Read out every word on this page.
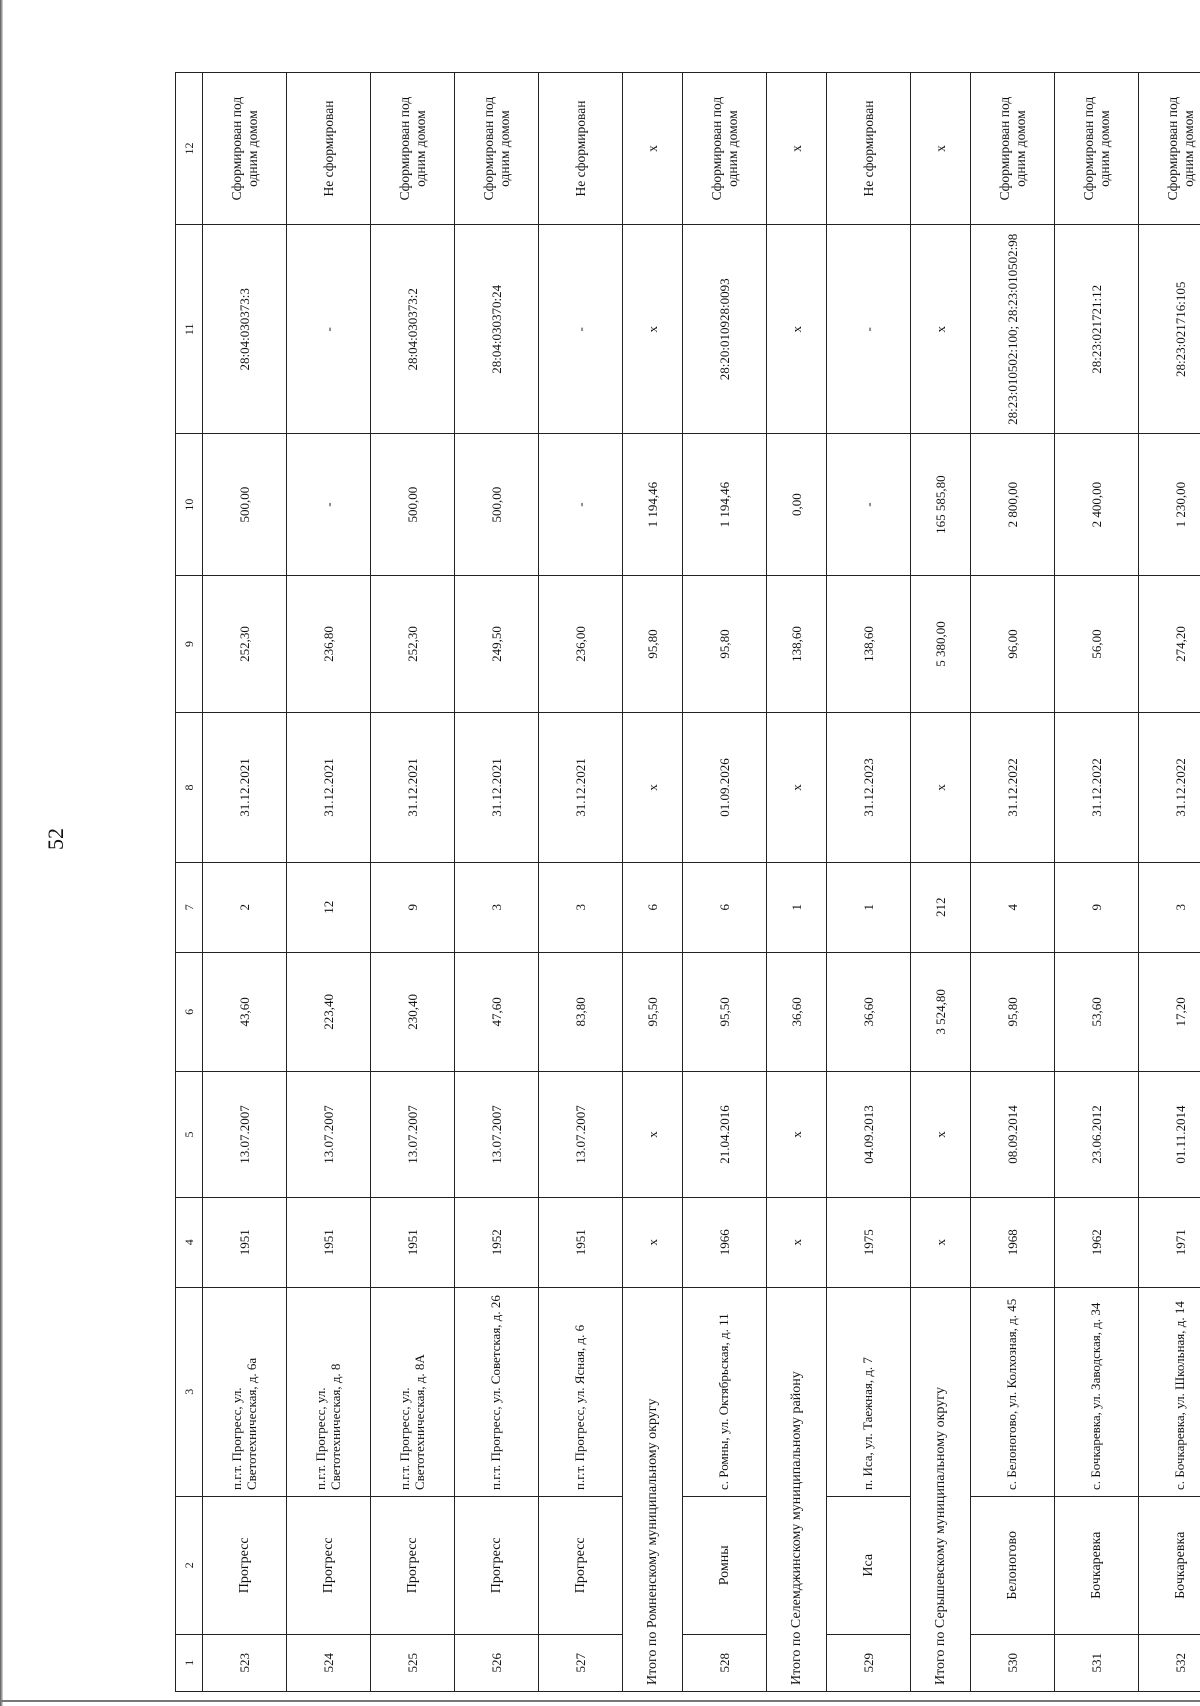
52
1	2	3	4	5	6	7	8	9	10	11	12
523	Прогресс	п.г.т. Прогресс, ул. Светотехническая, д. 6а	1951	13.07.2007	43,60	2	31.12.2021	252,30	500,00	28:04:030373:3	Сформирован под одним домом
524	Прогресс	п.г.т. Прогресс, ул. Светотехническая, д. 8	1951	13.07.2007	223,40	12	31.12.2021	236,80	-	-	Не сформирован
525	Прогресс	п.г.т. Прогресс, ул. Светотехническая, д. 8А	1951	13.07.2007	230,40	9	31.12.2021	252,30	500,00	28:04:030373:2	Сформирован под одним домом
526	Прогресс	п.г.т. Прогресс, ул. Советская, д. 26	1952	13.07.2007	47,60	3	31.12.2021	249,50	500,00	28:04:030370:24	Сформирован под одним домом
527	Прогресс	п.г.т. Прогресс, ул. Ясная, д. 6	1951	13.07.2007	83,80	3	31.12.2021	236,00	-	-	Не сформирован
Итого по Ромненскому муниципальному округу			х	х	95,50	6	х	95,80	1 194,46	х	х
528	Ромны	с. Ромны, ул. Октябрьская, д. 11	1966	21.04.2016	95,50	6	01.09.2026	95,80	1 194,46	28:20:010928:0093	Сформирован под одним домом
Итого по Селемджинскому муниципальному району			х	х	36,60	1	х	138,60	0,00	х	х
529	Иса	п. Иса, ул. Таежная, д. 7	1975	04.09.2013	36,60	1	31.12.2023	138,60	-	-	Не сформирован
Итого по Серышевскому муниципальному округу			х	х	3 524,80	212	х	5 380,00	165 585,80	х	х
530	Белоногово	с. Белоногово, ул. Колхозная, д. 45	1968	08.09.2014	95,80	4	31.12.2022	96,00	2 800,00	28:23:010502:100; 28:23:010502:98	Сформирован под одним домом
531	Бочкаревка	с. Бочкаревка, ул. Заводская, д. 34	1962	23.06.2012	53,60	9	31.12.2022	56,00	2 400,00	28:23:021721:12	Сформирован под одним домом
532	Бочкаревка	с. Бочкаревка, ул. Школьная, д. 14	1971	01.11.2014	17,20	3	31.12.2022	274,20	1 230,00	28:23:021716:105	Сформирован под одним домом
